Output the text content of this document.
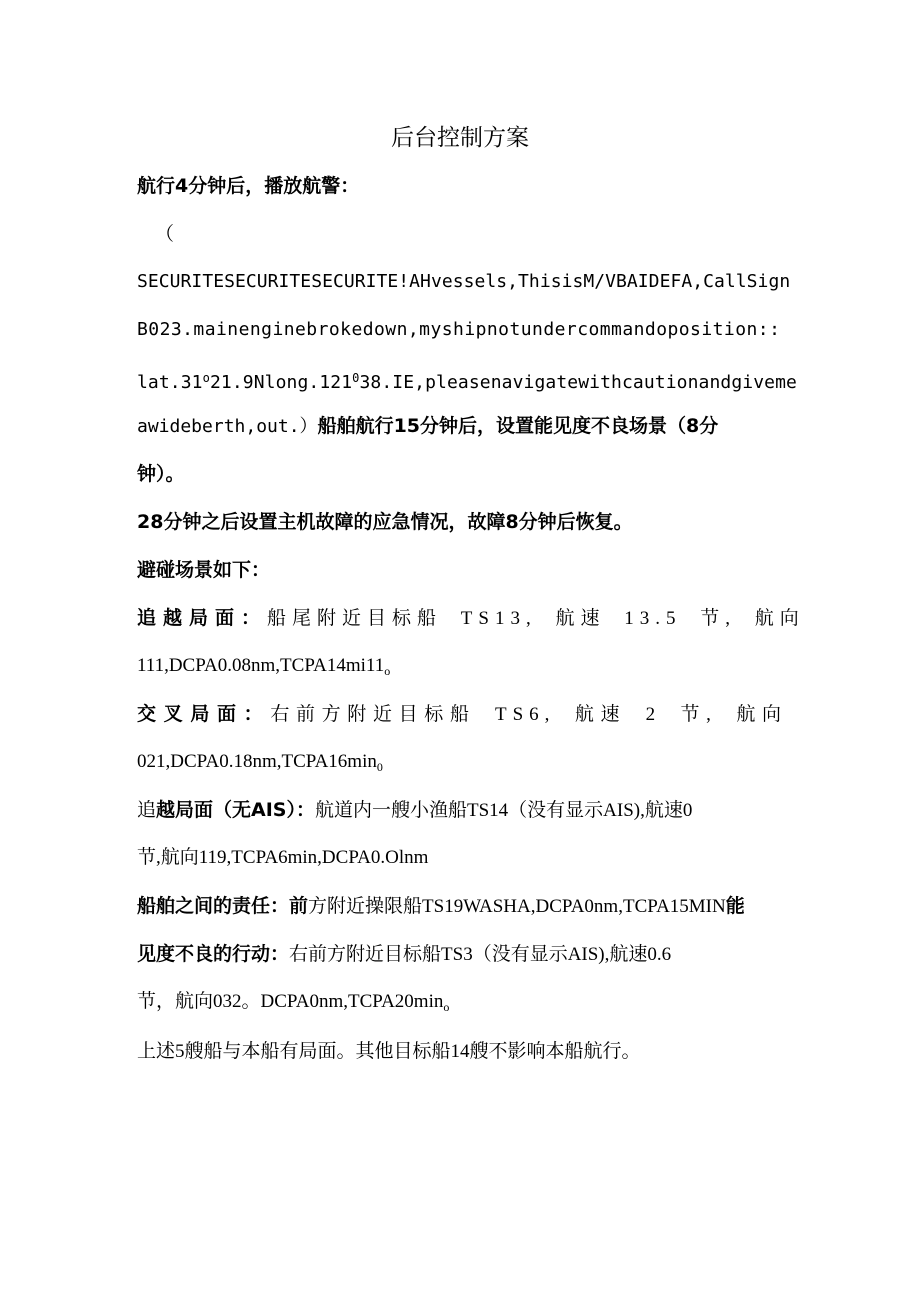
后台控制方案
航行4分钟后，播放航警：
（
SECURITESECURITESECURITE!AHvessels,ThisisM/VBAIDEFA,CallSign
B023.mainenginebrokedown,myshipnotundercommandoposition::
lat.31$^o$21.9Nlong.121$^0$38.IE,pleasenavigatewithcautionandgiveme
awideberth,out.）船舶航行15分钟后，设置能见度不良场景（8分
钟）。
28分钟之后设置主机故障的应急情况，故障8分钟后恢复。
避碰场景如下：
追越局面：船尾附近目标船 TS13, 航速 13.5 节, 航向
$111,DCPA0.08nm,TCPA14mi11_o$
交叉局面：右前方附近目标船 TS6, 航速 2 节, 航向
$021,DCPA0.18nm,TCPA16\min_0$
追越局面（无AIS）：航道内一艘小渔船TS14（没有显示AIS),航速0
节,航向119,TCPA6min,DCPA0.Olnm
船舶之间的责任：前方附近操限船TS19WASHA,DCPA0nm,TCPA15MIN能
见度不良的行动：右前方附近目标船TS3（没有显示AIS),航速0.6
节，航向032。$DCPA0nm,TCPA20\min_o$
上述5艘船与本船有局面。其他目标船14艘不影响本船航行。
